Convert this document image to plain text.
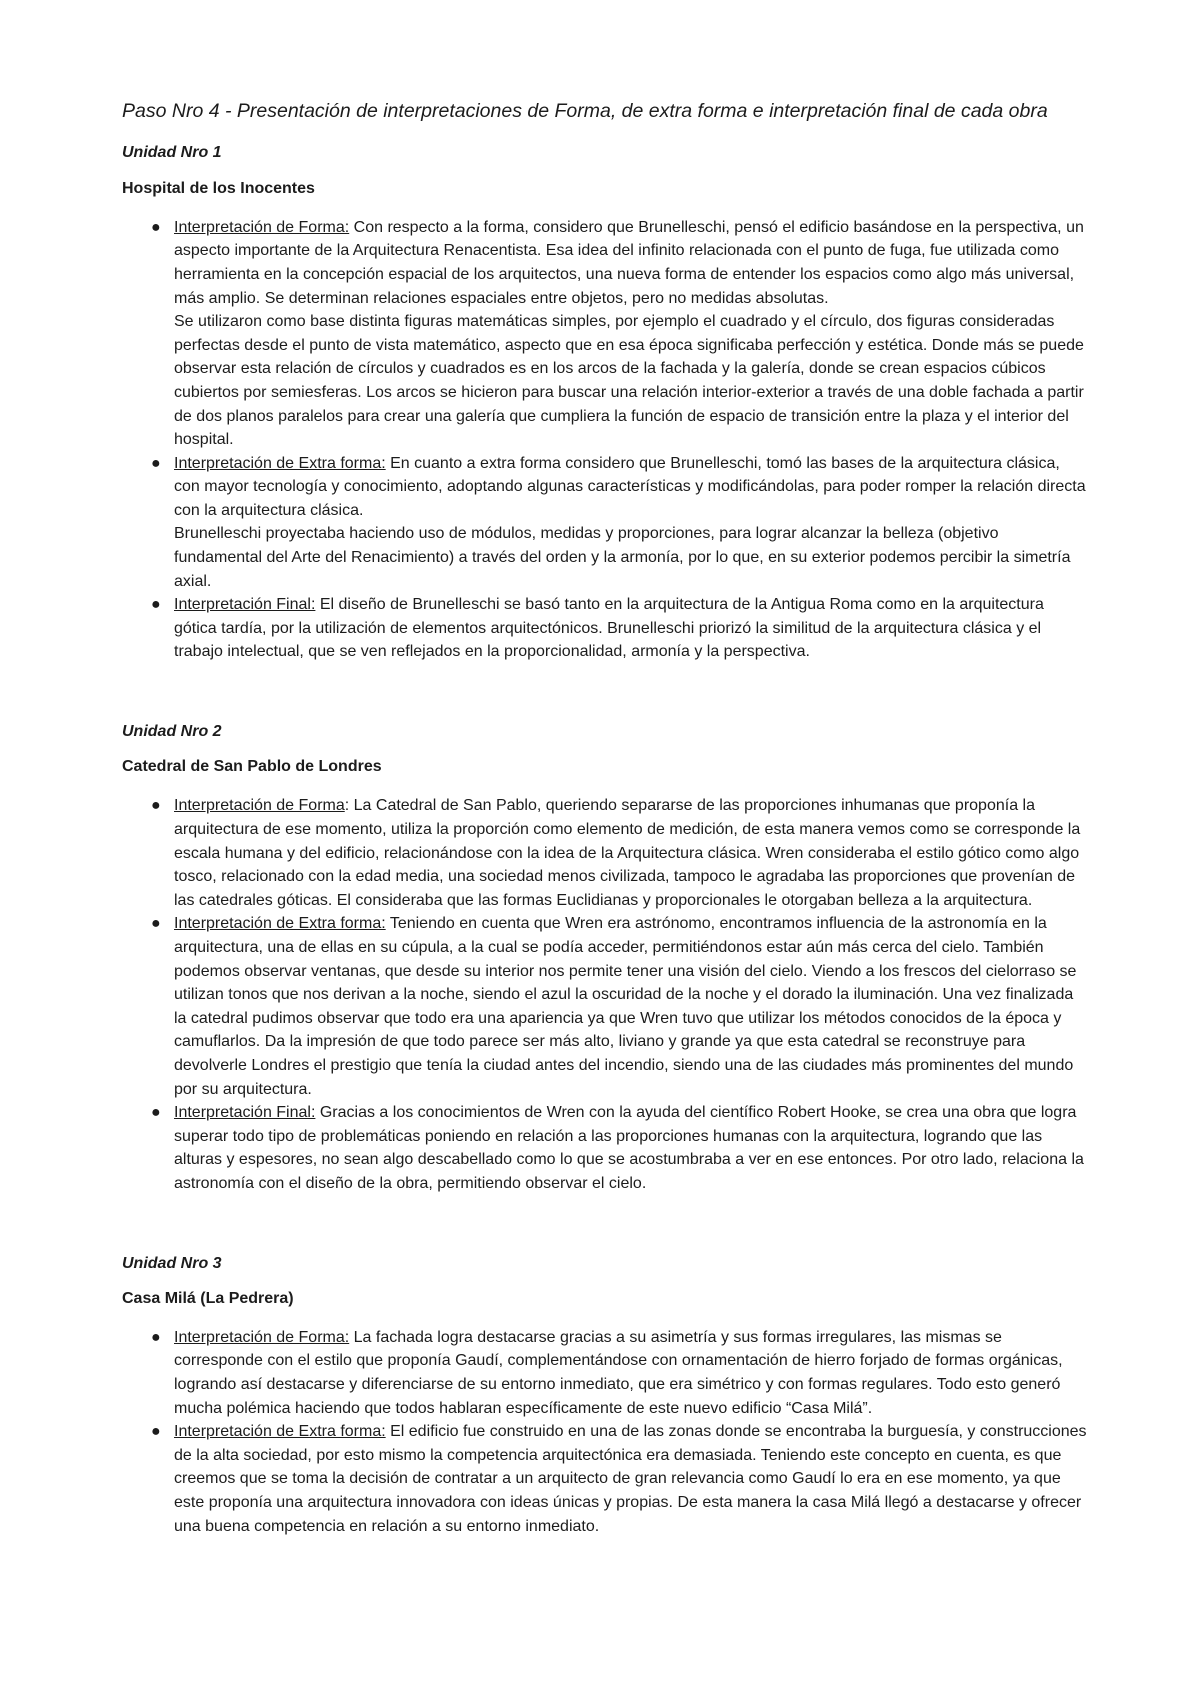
Paso Nro 4 - Presentación de interpretaciones de Forma, de extra forma e interpretación final de cada obra
Unidad Nro 1
Hospital de los Inocentes
● Interpretación de Forma: Con respecto a la forma, considero que Brunelleschi, pensó el edificio basándose en la perspectiva, un aspecto importante de la Arquitectura Renacentista. Esa idea del infinito relacionada con el punto de fuga, fue utilizada como herramienta en la concepción espacial de los arquitectos, una nueva forma de entender los espacios como algo más universal, más amplio. Se determinan relaciones espaciales entre objetos, pero no medidas absolutas.
Se utilizaron como base distinta figuras matemáticas simples, por ejemplo el cuadrado y el círculo, dos figuras consideradas perfectas desde el punto de vista matemático, aspecto que en esa época significaba perfección y estética. Donde más se puede observar esta relación de círculos y cuadrados es en los arcos de la fachada y la galería, donde se crean espacios cúbicos cubiertos por semiesferas. Los arcos se hicieron para buscar una relación interior-exterior a través de una doble fachada a partir de dos planos paralelos para crear una galería que cumpliera la función de espacio de transición entre la plaza y el interior del hospital.
● Interpretación de Extra forma: En cuanto a extra forma considero que Brunelleschi, tomó las bases de la arquitectura clásica, con mayor tecnología y conocimiento, adoptando algunas características y modificándolas, para poder romper la relación directa con la arquitectura clásica.
Brunelleschi proyectaba haciendo uso de módulos, medidas y proporciones, para lograr alcanzar la belleza (objetivo fundamental del Arte del Renacimiento) a través del orden y la armonía, por lo que, en su exterior podemos percibir la simetría axial.
● Interpretación Final: El diseño de Brunelleschi se basó tanto en la arquitectura de la Antigua Roma como en la arquitectura gótica tardía, por la utilización de elementos arquitectónicos. Brunelleschi priorizó la similitud de la arquitectura clásica y el trabajo intelectual, que se ven reflejados en la proporcionalidad, armonía y la perspectiva.
Unidad Nro 2
Catedral de San Pablo de Londres
● Interpretación de Forma: La Catedral de San Pablo, queriendo separarse de las proporciones inhumanas que proponía la arquitectura de ese momento, utiliza la proporción como elemento de medición, de esta manera vemos como se corresponde la escala humana y del edificio, relacionándose con la idea de la Arquitectura clásica. Wren consideraba el estilo gótico como algo tosco, relacionado con la edad media, una sociedad menos civilizada, tampoco le agradaba las proporciones que provenían de las catedrales góticas. El consideraba que las formas Euclidianas y proporcionales le otorgaban belleza a la arquitectura.
● Interpretación de Extra forma: Teniendo en cuenta que Wren era astrónomo, encontramos influencia de la astronomía en la arquitectura, una de ellas en su cúpula, a la cual se podía acceder, permitiéndonos estar aún más cerca del cielo. También podemos observar ventanas, que desde su interior nos permite tener una visión del cielo. Viendo a los frescos del cielorraso se utilizan tonos que nos derivan a la noche, siendo el azul la oscuridad de la noche y el dorado la iluminación. Una vez finalizada la catedral pudimos observar que todo era una apariencia ya que Wren tuvo que utilizar los métodos conocidos de la época y camuflarlos. Da la impresión de que todo parece ser más alto, liviano y grande ya que esta catedral se reconstruye para devolverle Londres el prestigio que tenía la ciudad antes del incendio, siendo una de las ciudades más prominentes del mundo por su arquitectura.
● Interpretación Final: Gracias a los conocimientos de Wren con la ayuda del científico Robert Hooke, se crea una obra que logra superar todo tipo de problemáticas poniendo en relación a las proporciones humanas con la arquitectura, logrando que las alturas y espesores, no sean algo descabellado como lo que se acostumbraba a ver en ese entonces. Por otro lado, relaciona la astronomía con el diseño de la obra, permitiendo observar el cielo.
Unidad Nro 3
Casa Milá (La Pedrera)
● Interpretación de Forma: La fachada logra destacarse gracias a su asimetría y sus formas irregulares, las mismas se corresponde con el estilo que proponía Gaudí, complementándose con ornamentación de hierro forjado de formas orgánicas, logrando así destacarse y diferenciarse de su entorno inmediato, que era simétrico y con formas regulares. Todo esto generó mucha polémica haciendo que todos hablaran específicamente de este nuevo edificio “Casa Milá”.
● Interpretación de Extra forma: El edificio fue construido en una de las zonas donde se encontraba la burguesía, y construcciones de la alta sociedad, por esto mismo la competencia arquitectónica era demasiada. Teniendo este concepto en cuenta, es que creemos que se toma la decisión de contratar a un arquitecto de gran relevancia como Gaudí lo era en ese momento, ya que este proponía una arquitectura innovadora con ideas únicas y propias. De esta manera la casa Milá llegó a destacarse y ofrecer una buena competencia en relación a su entorno inmediato.
